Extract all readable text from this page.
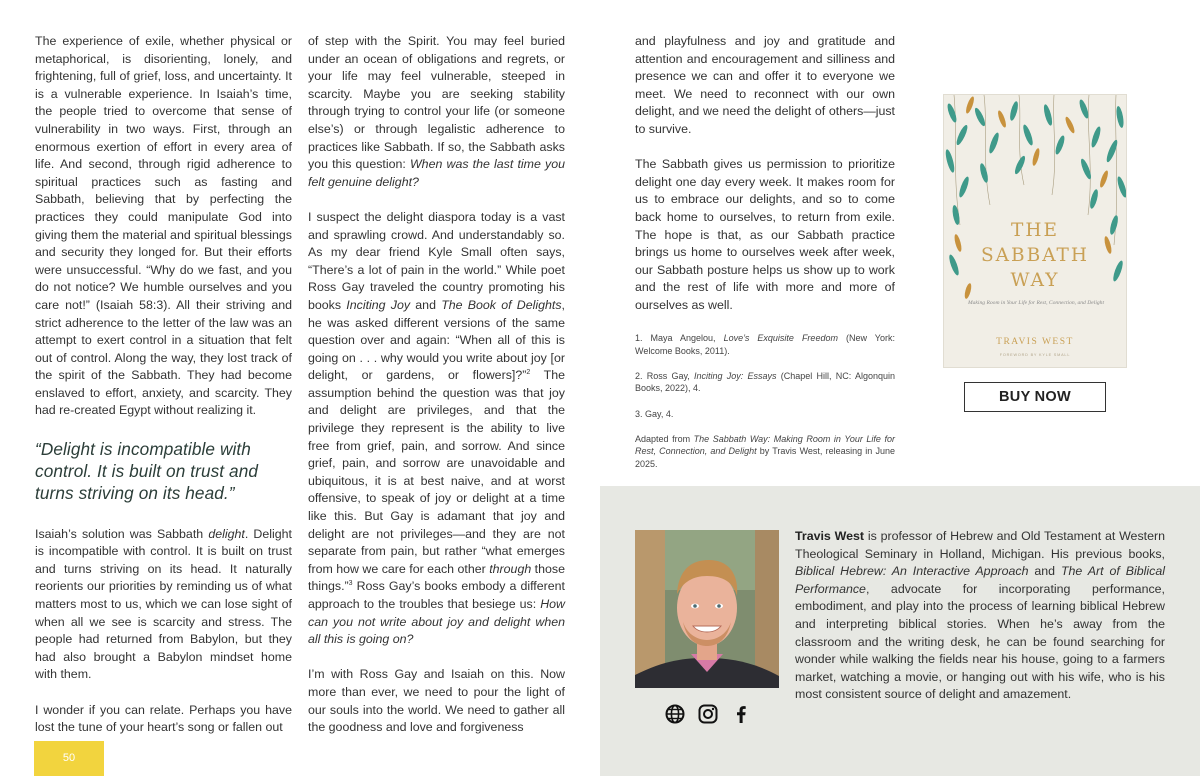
The experience of exile, whether physical or metaphorical, is disorienting, lonely, and frightening, full of grief, loss, and uncertainty. It is a vulnerable experience. In Isaiah’s time, the people tried to overcome that sense of vulnerability in two ways. First, through an enormous exertion of effort in every area of life. And second, through rigid adherence to spiritual practices such as fasting and Sabbath, believing that by perfecting the practices they could manipulate God into giving them the material and spiritual blessings and security they longed for. But their efforts were unsuccessful. “Why do we fast, and you do not notice? We humble ourselves and you care not!” (Isaiah 58:3). All their striving and strict adherence to the letter of the law was an attempt to exert control in a situation that felt out of control. Along the way, they lost track of the spirit of the Sabbath. They had become enslaved to effort, anxiety, and scarcity. They had re-created Egypt without realizing it.

“Delight is incompatible with control. It is built on trust and turns striving on its head.”

Isaiah’s solution was Sabbath delight. Delight is incompatible with control. It is built on trust and turns striving on its head. It naturally reorients our priorities by reminding us of what matters most to us, which we can lose sight of when all we see is scarcity and stress. The people had returned from Babylon, but they had also brought a Babylon mindset home with them.

I wonder if you can relate. Perhaps you have lost the tune of your heart’s song or fallen out

of step with the Spirit. You may feel buried under an ocean of obligations and regrets, or your life may feel vulnerable, steeped in scarcity. Maybe you are seeking stability through trying to control your life (or someone else’s) or through legalistic adherence to practices like Sabbath. If so, the Sabbath asks you this question: When was the last time you felt genuine delight?

I suspect the delight diaspora today is a vast and sprawling crowd. And understandably so. As my dear friend Kyle Small often says, “There’s a lot of pain in the world.” While poet Ross Gay traveled the country promoting his books Inciting Joy and The Book of Delights, he was asked different versions of the same question over and again: “When all of this is going on . . . why would you write about joy [or delight, or gardens, or flowers]?”$^2$ The assumption behind the question was that joy and delight are privileges, and that the privilege they represent is the ability to live free from grief, pain, and sorrow. And since grief, pain, and sorrow are unavoidable and ubiquitous, it is at best naive, and at worst offensive, to speak of joy or delight at a time like this. But Gay is adamant that joy and delight are not privileges—and they are not separate from pain, but rather “what emerges from how we care for each other through those things.”$^3$ Ross Gay’s books embody a different approach to the troubles that besiege us: How can you not write about joy and delight when all this is going on?

I’m with Ross Gay and Isaiah on this. Now more than ever, we need to pour the light of our souls into the world. We need to gather all the goodness and love and forgiveness

and playfulness and joy and gratitude and attention and encouragement and silliness and presence we can and offer it to everyone we meet. We need to reconnect with our own delight, and we need the delight of others—just to survive.

The Sabbath gives us permission to prioritize delight one day every week. It makes room for us to embrace our delights, and so to come back home to ourselves, to return from exile. The hope is that, as our Sabbath practice brings us home to ourselves week after week, our Sabbath posture helps us show up to work and the rest of life with more and more of ourselves as well.

1. Maya Angelou, Love’s Exquisite Freedom (New York: Welcome Books, 2011).

2. Ross Gay, Inciting Joy: Essays (Chapel Hill, NC: Algonquin Books, 2022), 4.

3. Gay, 4.

Adapted from The Sabbath Way: Making Room in Your Life for Rest, Connection, and Delight by Travis West, releasing in June 2025.

50
THE
SABBATH
WAY
Making Room in Your Life for Rest, Connection, and Delight
TRAVIS WEST
FOREWORD BY KYLE SMALL
BUY NOW
Travis West is professor of Hebrew and Old Testament at Western Theological Seminary in Holland, Michigan. His previous books, Biblical Hebrew: An Interactive Approach and The Art of Biblical Performance, advocate for incorporating performance, embodiment, and play into the process of learning biblical Hebrew and interpreting biblical stories. When he’s away from the classroom and the writing desk, he can be found searching for wonder while walking the fields near his house, going to a farmers market, watching a movie, or hanging out with his wife, who is his most consistent source of delight and amazement.
